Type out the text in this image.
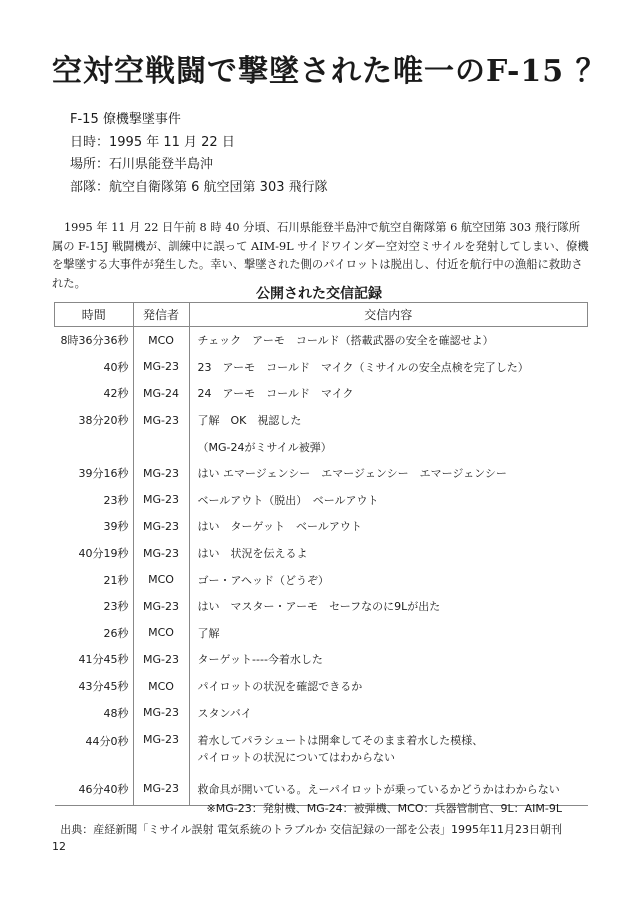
空対空戦闘で撃墜された唯一のF-15 ？
F-15 僚機撃墜事件
日時：1995 年 11 月 22 日
場所：石川県能登半島沖
部隊：航空自衛隊第 6 航空団第 303 飛行隊

1995 年 11 月 22 日午前 8 時 40 分頃、石川県能登半島沖で航空自衛隊第 6 航空団第 303 飛行隊所属の F-15J 戦闘機が、訓練中に誤って AIM-9L サイドワインダー空対空ミサイルを発射してしまい、僚機を撃墜する大事件が発生した。幸い、撃墜された側のパイロットは脱出し、付近を航行中の漁船に救助された。

公開された交信記録
時間	発信者	交信内容
8時36分36秒	MCO	チェック　アーモ　コールド（搭載武器の安全を確認せよ）
40秒	MG-23	23　アーモ　コールド　マイク（ミサイルの安全点検を完了した）
42秒	MG-24	24　アーモ　コールド　マイク
38分20秒	MG-23	了解　OK　視認した
		（MG-24がミサイル被弾）
39分16秒	MG-23	はい エマージェンシー　エマージェンシー　エマージェンシー
23秒	MG-23	ベールアウト（脱出）　ベールアウト
39秒	MG-23	はい　ターゲット　ベールアウト
40分19秒	MG-23	はい　状況を伝えるよ
21秒	MCO	ゴー・アヘッド（どうぞ）
23秒	MG-23	はい　マスター・アーモ　セーフなのに9Lが出た
26秒	MCO	了解
41分45秒	MG-23	ターゲット----今着水した
43分45秒	MCO	パイロットの状況を確認できるか
48秒	MG-23	スタンバイ
44分0秒	MG-23	着水してパラシュートは開傘してそのまま着水した模様、
パイロットの状況についてはわからない

46分40秒	MG-23	救命具が開いている。えーパイロットが乗っているかどうかはわからない
※MG-23：発射機、MG-24：被弾機、MCO：兵器管制官、9L：AIM-9L
出典：産経新聞「ミサイル誤射 電気系統のトラブルか 交信記録の一部を公表」1995年11月23日朝刊
12
